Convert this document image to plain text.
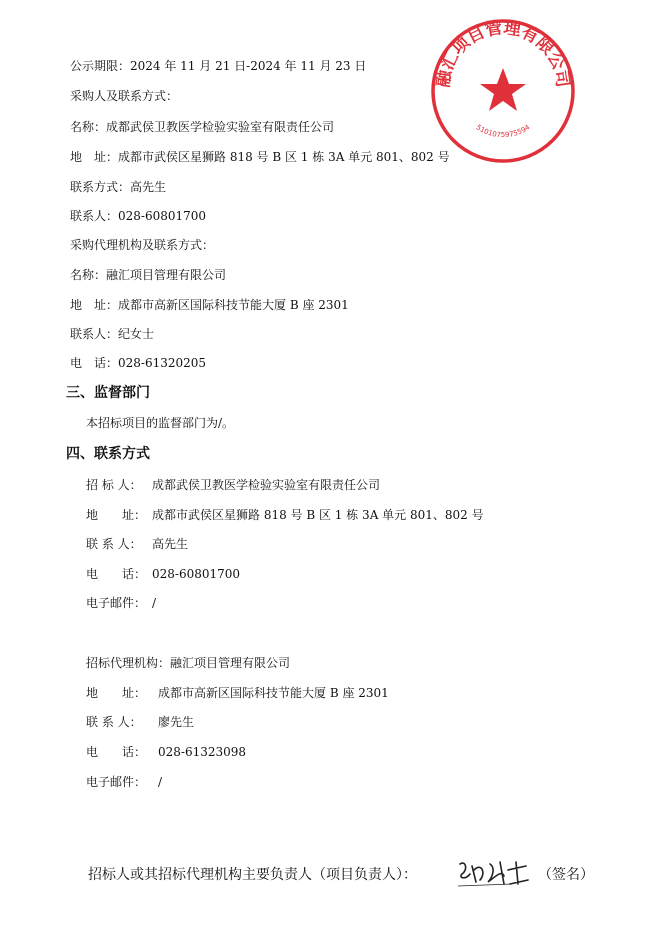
公示期限：2024 年 11 月 21 日-2024 年 11 月 23 日
采购人及联系方式：
名称：成都武侯卫教医学检验实验室有限责任公司
地　址：成都市武侯区星狮路 818 号 B 区 1 栋 3A 单元 801、802 号
联系方式：高先生
联系人：028-60801700
采购代理机构及联系方式：
名称：融汇项目管理有限公司
地　址：成都市高新区国际科技节能大厦 B 座 2301
联系人：纪女士
电　话：028-61320205
三、监督部门
本招标项目的监督部门为/。
四、联系方式
招 标 人： 成都武侯卫教医学检验实验室有限责任公司
地　　址： 成都市武侯区星狮路 818 号 B 区 1 栋 3A 单元 801、802 号
联 系 人： 高先生
电　　话： 028-60801700
电子邮件： /
招标代理机构：融汇项目管理有限公司
地　　址： 成都市高新区国际科技节能大厦 B 座 2301
联 系 人： 廖先生
电　　话： 028-61323098
电子邮件： /
招标人或其招标代理机构主要负责人（项目负责人）：	（签名）
融汇项目管理有限公司
5101075975594
